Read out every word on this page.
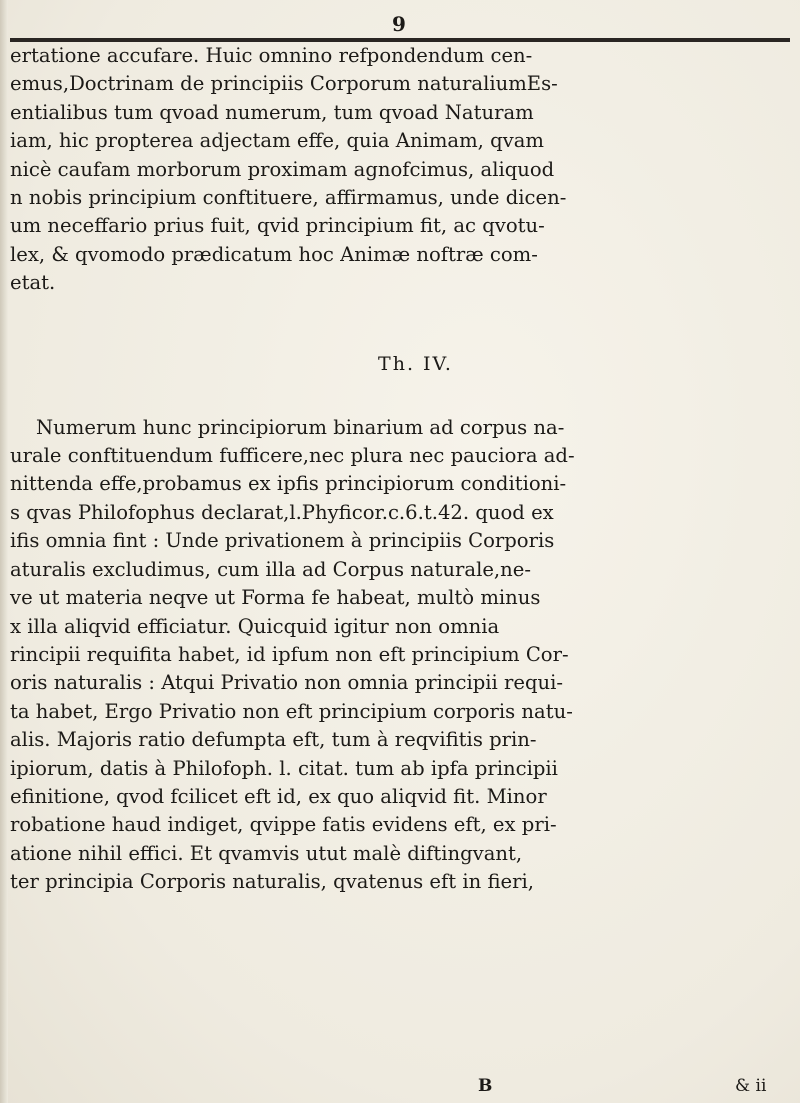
9

ertatione accufare. Huic omnino refpondendum cen-

emus,Doctrinam de principiis Corporum naturaliumEs-

entialibus tum qvoad numerum, tum qvoad Naturam

iam, hic propterea adjectam effe, quia Animam, qvam

nicè caufam morborum proximam agnofcimus, aliquod

n nobis principium conftituere, affirmamus, unde dicen-

um neceffario prius fuit, qvid principium fit, ac qvotu-

lex, & qvomodo prædicatum hoc Animæ noftræ com-

etat.

Th. IV.

Numerum hunc principiorum binarium ad corpus na-

urale conftituendum fufficere,nec plura nec pauciora ad-

nittenda effe,probamus ex ipfis principiorum conditioni-

s qvas Philofophus declarat,l.Phyficor.c.6.t.42. quod ex

ifis omnia fint : Unde privationem à principiis Corporis

aturalis excludimus, cum illa ad Corpus naturale,ne-

ve ut materia neqve ut Forma fe habeat, multò minus

x illa aliqvid efficiatur. Quicquid igitur non omnia

rincipii requifita habet, id ipfum non eft principium Cor-

oris naturalis : Atqui Privatio non omnia principii requi-

ta habet, Ergo Privatio non eft principium corporis natu-

alis. Majoris ratio defumpta eft, tum à reqvifitis prin-

ipiorum, datis à Philofoph. l. citat. tum ab ipfa principii

efinitione, qvod fcilicet eft id, ex quo aliqvid fit. Minor

robatione haud indiget, qvippe fatis evidens eft, ex pri-

atione nihil effici. Et qvamvis utut malè diftingvant,

ter principia Corporis naturalis, qvatenus eft in fieri,

B	& ii
